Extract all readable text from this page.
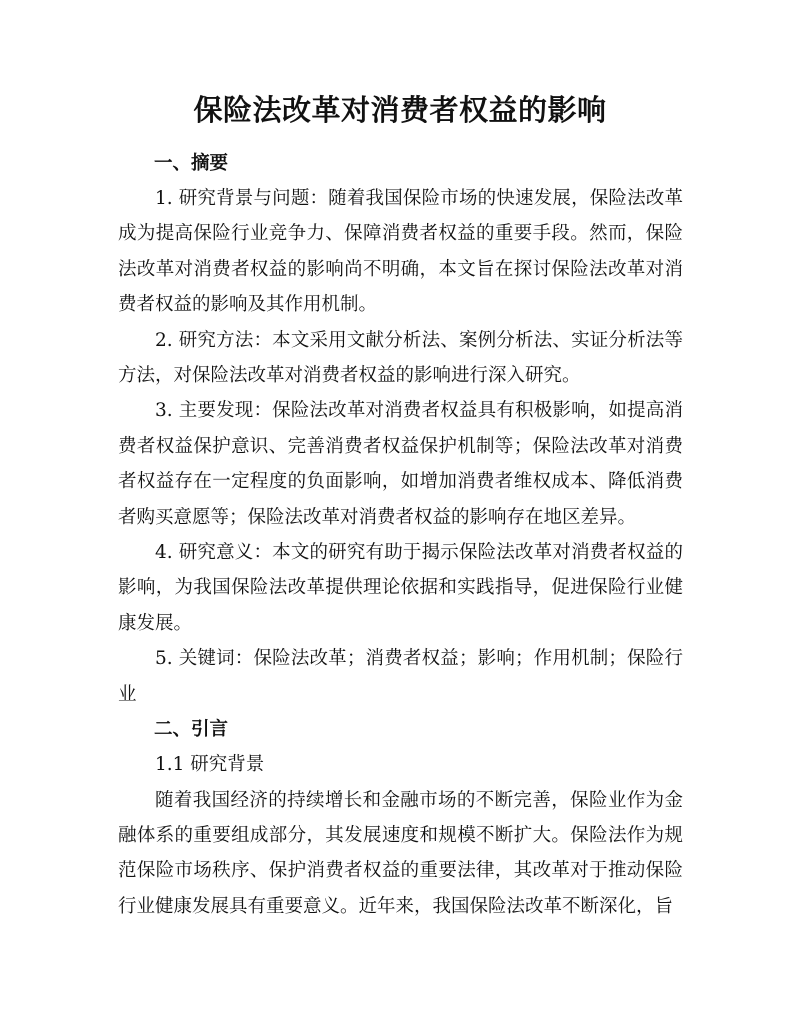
保险法改革对消费者权益的影响
一、摘要

1. 研究背景与问题：随着我国保险市场的快速发展，保险法改革成为提高保险行业竞争力、保障消费者权益的重要手段。然而，保险法改革对消费者权益的影响尚不明确，本文旨在探讨保险法改革对消费者权益的影响及其作用机制。

2. 研究方法：本文采用文献分析法、案例分析法、实证分析法等方法，对保险法改革对消费者权益的影响进行深入研究。

3. 主要发现：保险法改革对消费者权益具有积极影响，如提高消费者权益保护意识、完善消费者权益保护机制等；保险法改革对消费者权益存在一定程度的负面影响，如增加消费者维权成本、降低消费者购买意愿等；保险法改革对消费者权益的影响存在地区差异。

4. 研究意义：本文的研究有助于揭示保险法改革对消费者权益的影响，为我国保险法改革提供理论依据和实践指导，促进保险行业健康发展。

5. 关键词：保险法改革；消费者权益；影响；作用机制；保险行业

二、引言
1.1 研究背景

随着我国经济的持续增长和金融市场的不断完善，保险业作为金融体系的重要组成部分，其发展速度和规模不断扩大。保险法作为规范保险市场秩序、保护消费者权益的重要法律，其改革对于推动保险行业健康发展具有重要意义。近年来，我国保险法改革不断深化，旨
